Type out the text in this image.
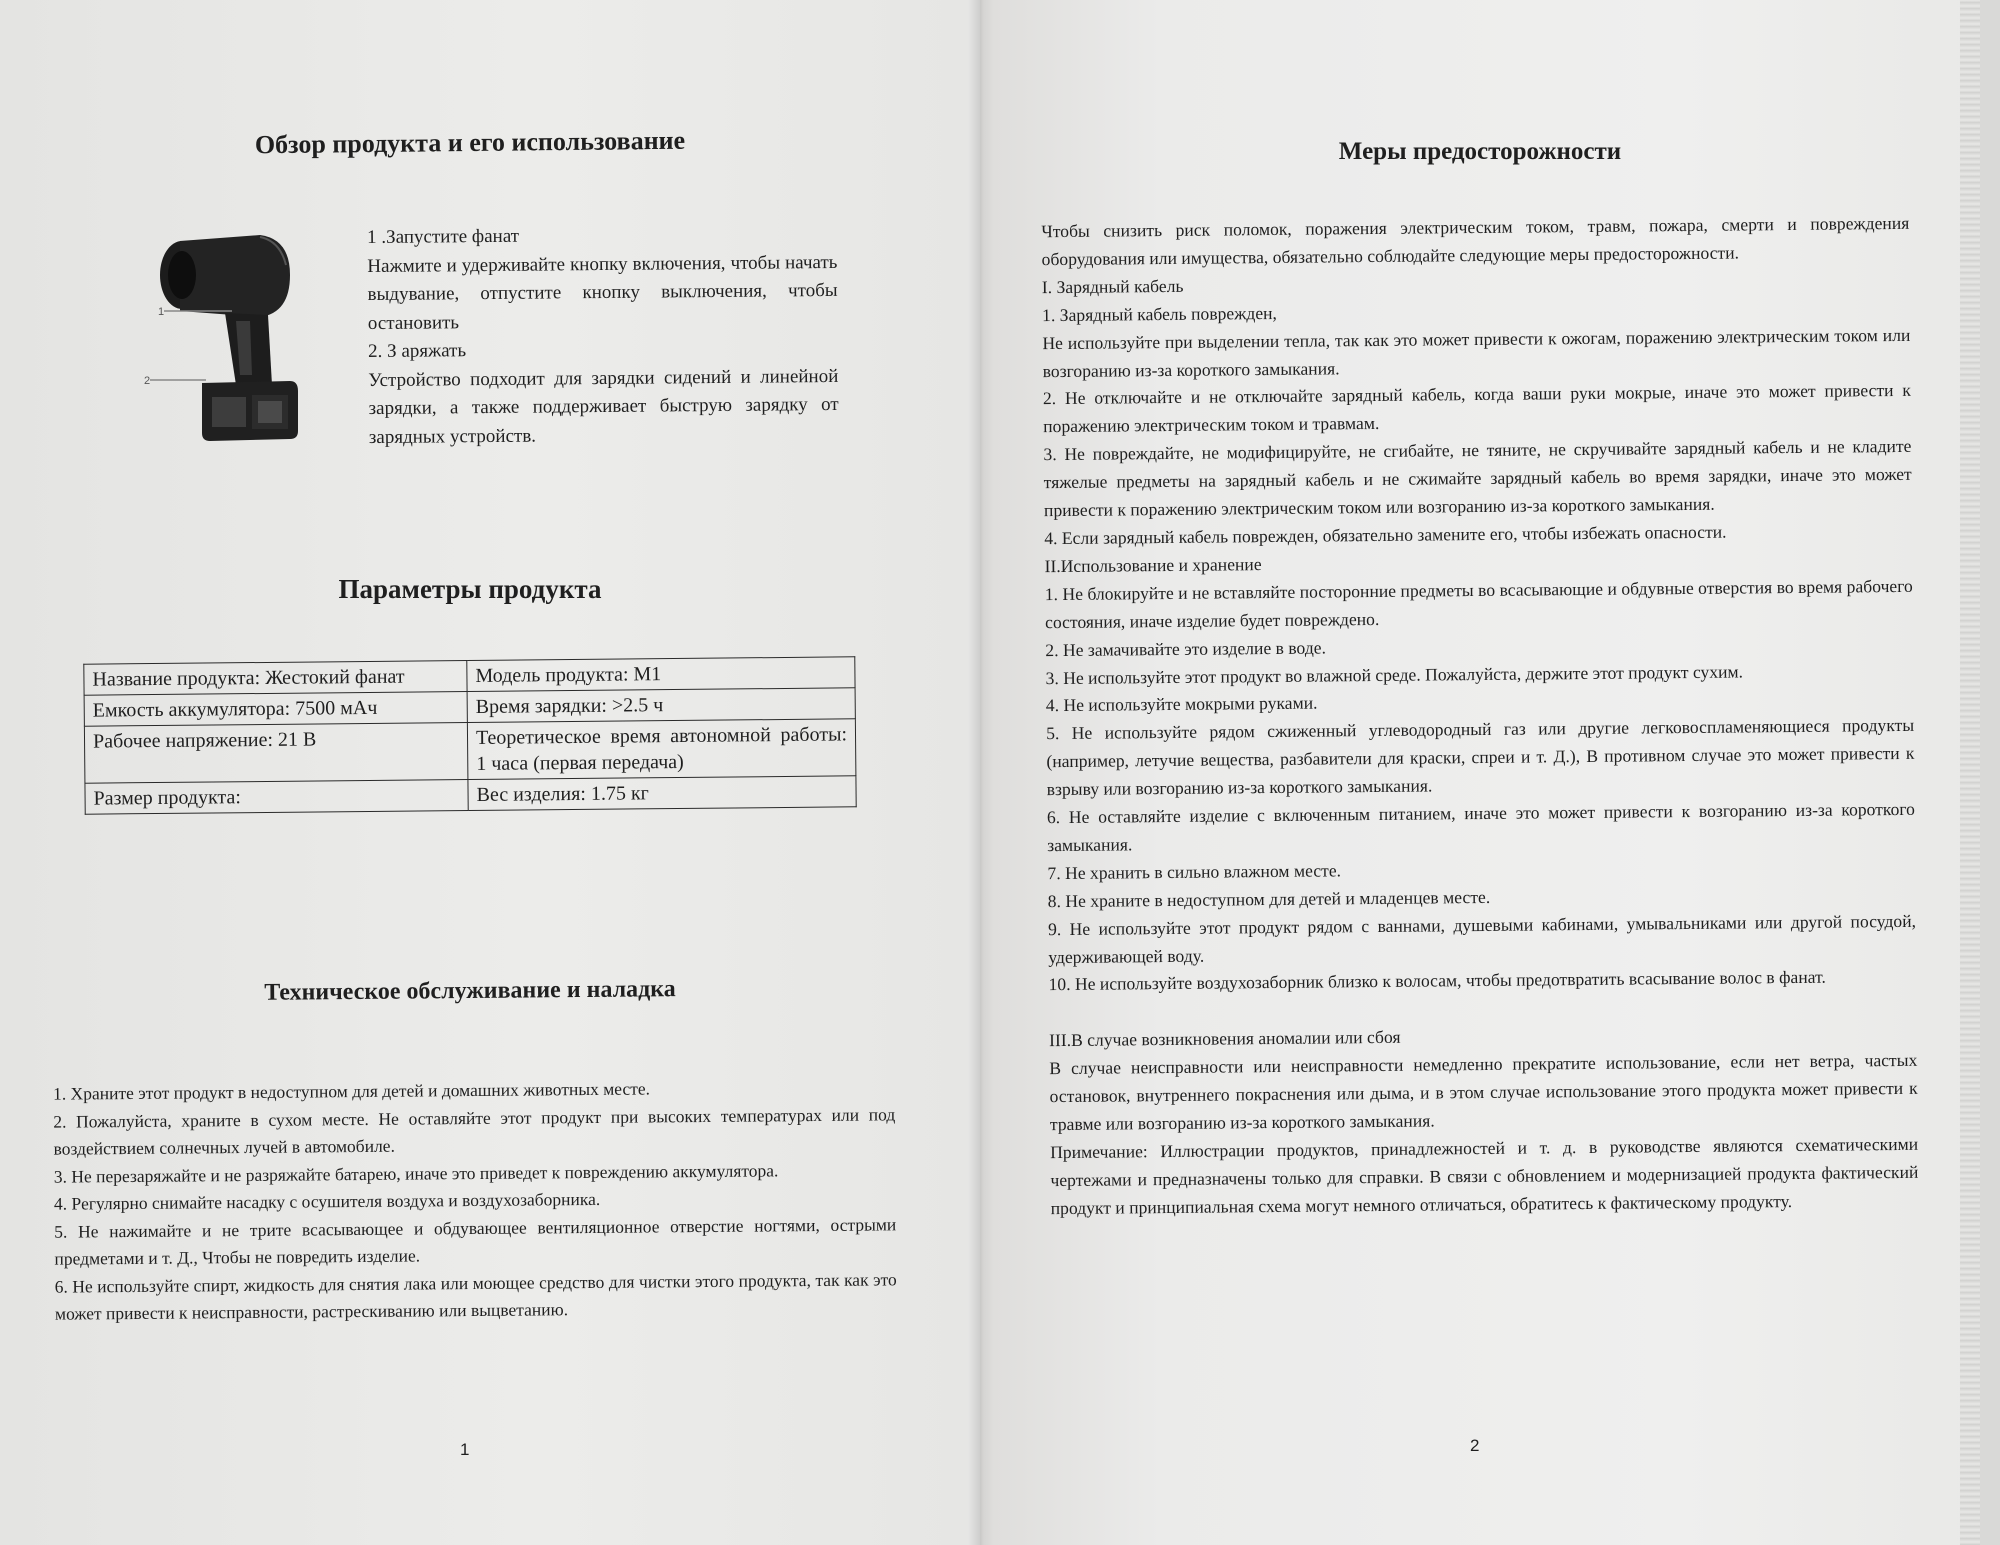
Обзор продукта и его использование
1
2
1 .Запустите фанат
Нажмите и удерживайте кнопку включения, чтобы начать выдувание, отпустите кнопку выключения, чтобы остановить
2. З аряжать
Устройство подходит для зарядки сидений и линейной зарядки, а также поддерживает быструю зарядку от зарядных устройств.
Параметры продукта
Название продукта: Жестокий фанат	Модель продукта: M1
Емкость аккумулятора: 7500 мАч	Время зарядки: >2.5 ч
Рабочее напряжение: 21 В	Теоретическое время автономной работы: 1 часа (первая передача)
Размер продукта:	Вес изделия: 1.75 кг
Техническое обслуживание и наладка

1. Храните этот продукт в недоступном для детей и домашних животных месте.

2. Пожалуйста, храните в сухом месте. Не оставляйте этот продукт при высоких температурах или под воздействием солнечных лучей в автомобиле.

3. Не перезаряжайте и не разряжайте батарею, иначе это приведет к повреждению аккумулятора.

4. Регулярно снимайте насадку с осушителя воздуха и воздухозаборника.

5. Не нажимайте и не трите всасывающее и обдувающее вентиляционное отверстие ногтями, острыми предметами и т. Д., Чтобы не повредить изделие.

6. Не используйте спирт, жидкость для снятия лака или моющее средство для чистки этого продукта, так как это может привести к неисправности, растрескиванию или выцветанию.

1
Меры предосторожности

Чтобы снизить риск поломок, поражения электрическим током, травм, пожара, смерти и повреждения оборудования или имущества, обязательно соблюдайте следующие меры предосторожности.

I. Зарядный кабель

1. Зарядный кабель поврежден,

Не используйте при выделении тепла, так как это может привести к ожогам, поражению электрическим током или возгоранию из-за короткого замыкания.

2. Не отключайте и не отключайте зарядный кабель, когда ваши руки мокрые, иначе это может привести к поражению электрическим током и травмам.

3. Не повреждайте, не модифицируйте, не сгибайте, не тяните, не скручивайте зарядный кабель и не кладите тяжелые предметы на зарядный кабель и не сжимайте зарядный кабель во время зарядки, иначе это может привести к поражению электрическим током или возгоранию из-за короткого замыкания.

4. Если зарядный кабель поврежден, обязательно замените его, чтобы избежать опасности.

II.Использование и хранение

1. Не блокируйте и не вставляйте посторонние предметы во всасывающие и обдувные отверстия во время рабочего состояния, иначе изделие будет повреждено.

2. Не замачивайте это изделие в воде.

3. Не используйте этот продукт во влажной среде. Пожалуйста, держите этот продукт сухим.

4. Не используйте мокрыми руками.

5. Не используйте рядом сжиженный углеводородный газ или другие легковоспламеняющиеся продукты (например, летучие вещества, разбавители для краски, спреи и т. Д.), В противном случае это может привести к взрыву или возгоранию из-за короткого замыкания.

6. Не оставляйте изделие с включенным питанием, иначе это может привести к возгоранию из-за короткого замыкания.

7. Не хранить в сильно влажном месте.

8. Не храните в недоступном для детей и младенцев месте.

9. Не используйте этот продукт рядом с ваннами, душевыми кабинами, умывальниками или другой посудой, удерживающей воду.

10. Не используйте воздухозаборник близко к волосам, чтобы предотвратить всасывание волос в фанат.

III.В случае возникновения аномалии или сбоя

В случае неисправности или неисправности немедленно прекратите использование, если нет ветра, частых остановок, внутреннего покраснения или дыма, и в этом случае использование этого продукта может привести к травме или возгоранию из-за короткого замыкания.

Примечание: Иллюстрации продуктов, принадлежностей и т. д. в руководстве являются схематическими чертежами и предназначены только для справки. В связи с обновлением и модернизацией продукта фактический продукт и принципиальная схема могут немного отличаться, обратитесь к фактическому продукту.

2
